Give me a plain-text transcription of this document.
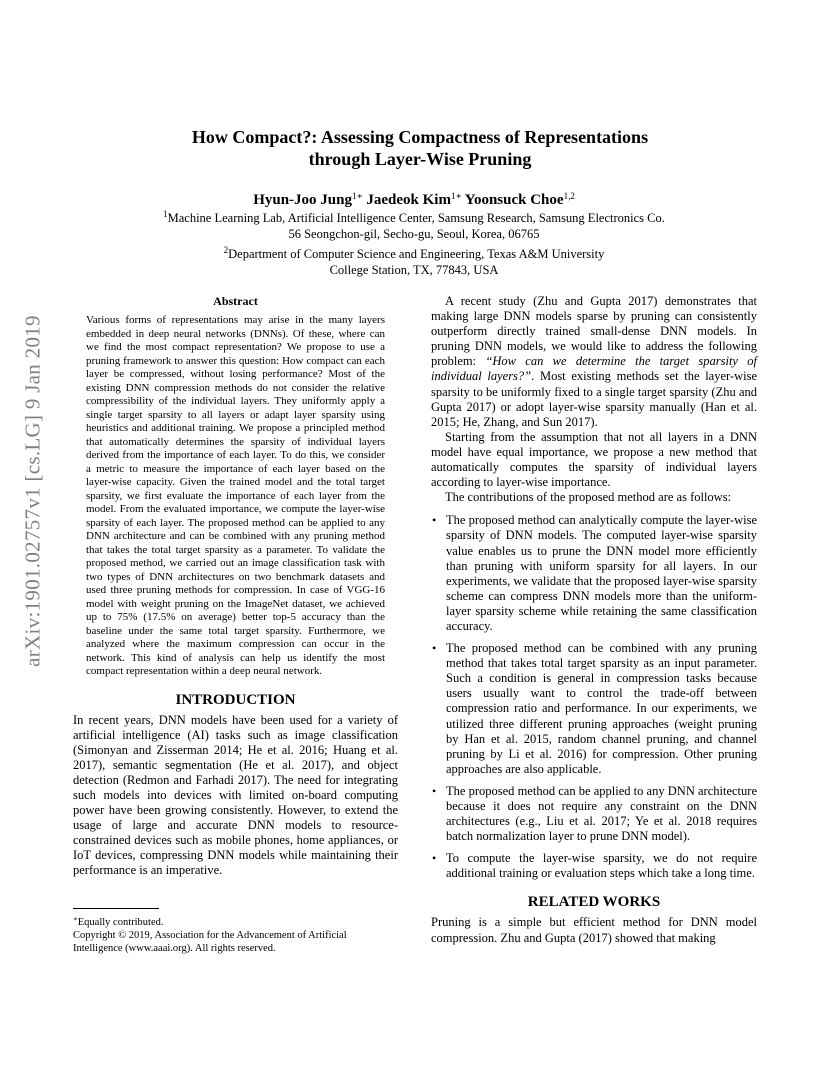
arXiv:1901.02757v1 [cs.LG] 9 Jan 2019
How Compact?: Assessing Compactness of Representations
through Layer-Wise Pruning
Hyun-Joo Jung$^{1∗}$ Jaedeok Kim$^{1∗}$ Yoonsuck Choe$^{1,2}$
$^1$Machine Learning Lab, Artificial Intelligence Center, Samsung Research, Samsung Electronics Co.
56 Seongchon-gil, Secho-gu, Seoul, Korea, 06765
$^2$Department of Computer Science and Engineering, Texas A&M University
College Station, TX, 77843, USA
Abstract

Various forms of representations may arise in the many layers embedded in deep neural networks (DNNs). Of these, where can we find the most compact representation? We propose to use a pruning framework to answer this question: How compact can each layer be compressed, without losing performance? Most of the existing DNN compression methods do not consider the relative compressibility of the individual layers. They uniformly apply a single target sparsity to all layers or adapt layer sparsity using heuristics and additional training. We propose a principled method that automatically determines the sparsity of individual layers derived from the importance of each layer. To do this, we consider a metric to measure the importance of each layer based on the layer-wise capacity. Given the trained model and the total target sparsity, we first evaluate the importance of each layer from the model. From the evaluated importance, we compute the layer-wise sparsity of each layer. The proposed method can be applied to any DNN architecture and can be combined with any pruning method that takes the total target sparsity as a parameter. To validate the proposed method, we carried out an image classification task with two types of DNN architectures on two benchmark datasets and used three pruning methods for compression. In case of VGG-16 model with weight pruning on the ImageNet dataset, we achieved up to 75% (17.5% on average) better top-5 accuracy than the baseline under the same total target sparsity. Furthermore, we analyzed where the maximum compression can occur in the network. This kind of analysis can help us identify the most compact representation within a deep neural network.

INTRODUCTION

In recent years, DNN models have been used for a variety of artificial intelligence (AI) tasks such as image classification (Simonyan and Zisserman 2014; He et al. 2016; Huang et al. 2017), semantic segmentation (He et al. 2017), and object detection (Redmon and Farhadi 2017). The need for integrating such models into devices with limited on-board computing power have been growing consistently. However, to extend the usage of large and accurate DNN models to resource-constrained devices such as mobile phones, home appliances, or IoT devices, compressing DNN models while maintaining their performance is an imperative.

∗Equally contributed.

Copyright © 2019, Association for the Advancement of Artificial Intelligence (www.aaai.org). All rights reserved.

A recent study (Zhu and Gupta 2017) demonstrates that making large DNN models sparse by pruning can consistently outperform directly trained small-dense DNN models. In pruning DNN models, we would like to address the following problem: “How can we determine the target sparsity of individual layers?”. Most existing methods set the layer-wise sparsity to be uniformly fixed to a single target sparsity (Zhu and Gupta 2017) or adopt layer-wise sparsity manually (Han et al. 2015; He, Zhang, and Sun 2017).

Starting from the assumption that not all layers in a DNN model have equal importance, we propose a new method that automatically computes the sparsity of individual layers according to layer-wise importance.

The contributions of the proposed method are as follows:

• The proposed method can analytically compute the layer-wise sparsity of DNN models. The computed layer-wise sparsity value enables us to prune the DNN model more efficiently than pruning with uniform sparsity for all layers. In our experiments, we validate that the proposed layer-wise sparsity scheme can compress DNN models more than the uniform-layer sparsity scheme while retaining the same classification accuracy.

• The proposed method can be combined with any pruning method that takes total target sparsity as an input parameter. Such a condition is general in compression tasks because users usually want to control the trade-off between compression ratio and performance. In our experiments, we utilized three different pruning approaches (weight pruning by Han et al. 2015, random channel pruning, and channel pruning by Li et al. 2016) for compression. Other pruning approaches are also applicable.

• The proposed method can be applied to any DNN architecture because it does not require any constraint on the DNN architectures (e.g., Liu et al. 2017; Ye et al. 2018 requires batch normalization layer to prune DNN model).

• To compute the layer-wise sparsity, we do not require additional training or evaluation steps which take a long time.

RELATED WORKS

Pruning is a simple but efficient method for DNN model compression. Zhu and Gupta (2017) showed that making
